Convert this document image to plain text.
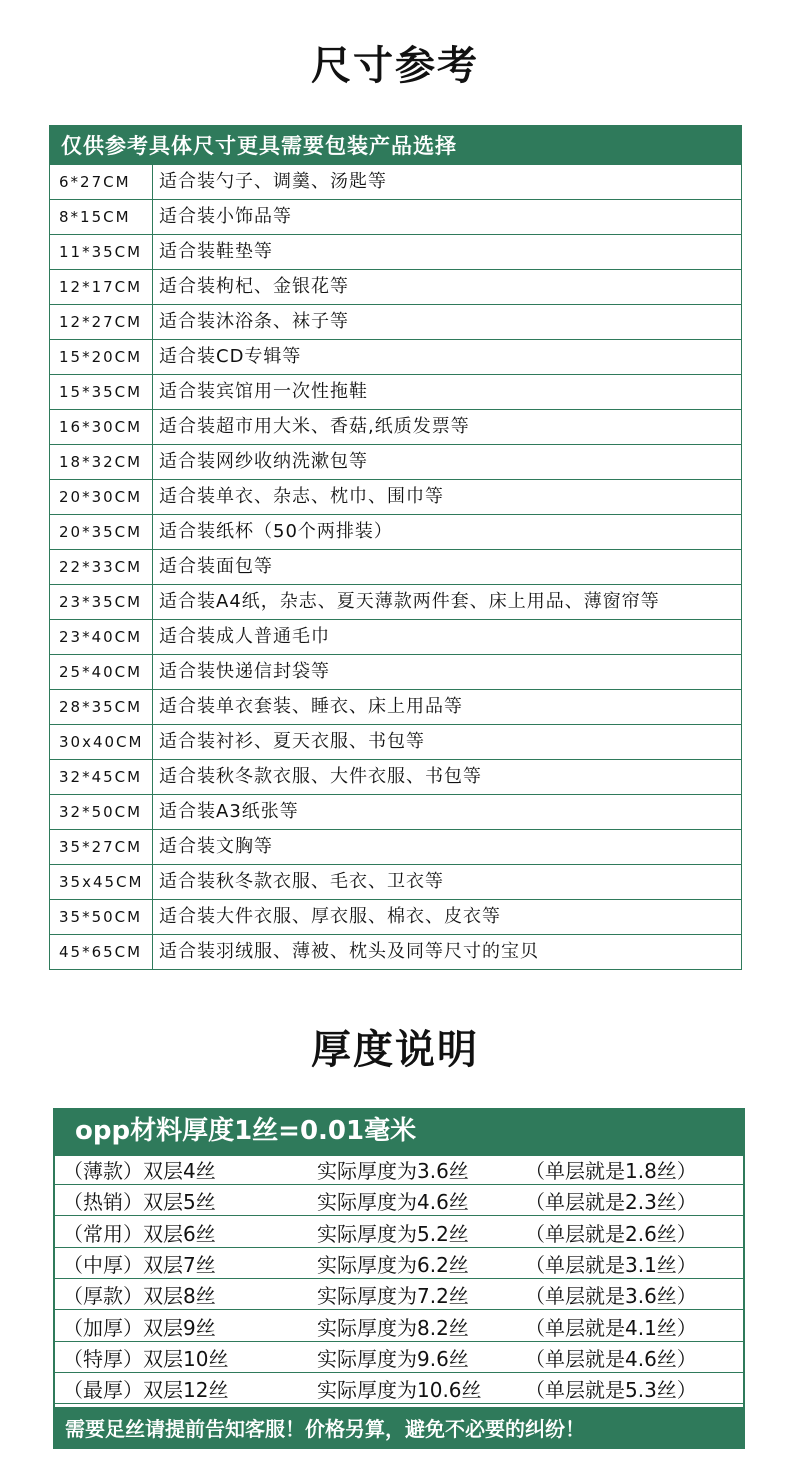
尺寸参考
仅供参考具体尺寸更具需要包装产品选择
6*27CM	适合装勺子、调羹、汤匙等
8*15CM	适合装小饰品等
11*35CM 适合装鞋垫等
12*17CM 适合装枸杞、金银花等
12*27CM 适合装沐浴条、袜子等
15*20CM 适合装CD专辑等
15*35CM 适合装宾馆用一次性拖鞋
16*30CM 适合装超市用大米、香菇,纸质发票等
18*32CM 适合装网纱收纳洗漱包等
20*30CM 适合装单衣、杂志、枕巾、围巾等
20*35CM 适合装纸杯（50个两排装）
22*33CM 适合装面包等
23*35CM 适合装A4纸，杂志、夏天薄款两件套、床上用品、薄窗帘等
23*40CM 适合装成人普通毛巾
25*40CM 适合装快递信封袋等
28*35CM 适合装单衣套装、睡衣、床上用品等
30x40CM 适合装衬衫、夏天衣服、书包等
32*45CM 适合装秋冬款衣服、大件衣服、书包等
32*50CM 适合装A3纸张等
35*27CM 适合装文胸等
35x45CM 适合装秋冬款衣服、毛衣、卫衣等
35*50CM 适合装大件衣服、厚衣服、棉衣、皮衣等
45*65CM 适合装羽绒服、薄被、枕头及同等尺寸的宝贝
厚度说明
opp材料厚度1丝=0.01毫米
（薄款）双层4丝	实际厚度为3.6丝	（单层就是1.8丝）
（热销）双层5丝	实际厚度为4.6丝	（单层就是2.3丝）
（常用）双层6丝	实际厚度为5.2丝	（单层就是2.6丝）
（中厚）双层7丝	实际厚度为6.2丝	（单层就是3.1丝）
（厚款）双层8丝	实际厚度为7.2丝	（单层就是3.6丝）
（加厚）双层9丝	实际厚度为8.2丝	（单层就是4.1丝）
（特厚）双层10丝	实际厚度为9.6丝	（单层就是4.6丝）
（最厚）双层12丝	实际厚度为10.6丝 （单层就是5.3丝）
需要足丝请提前告知客服！价格另算，避免不必要的纠纷！
